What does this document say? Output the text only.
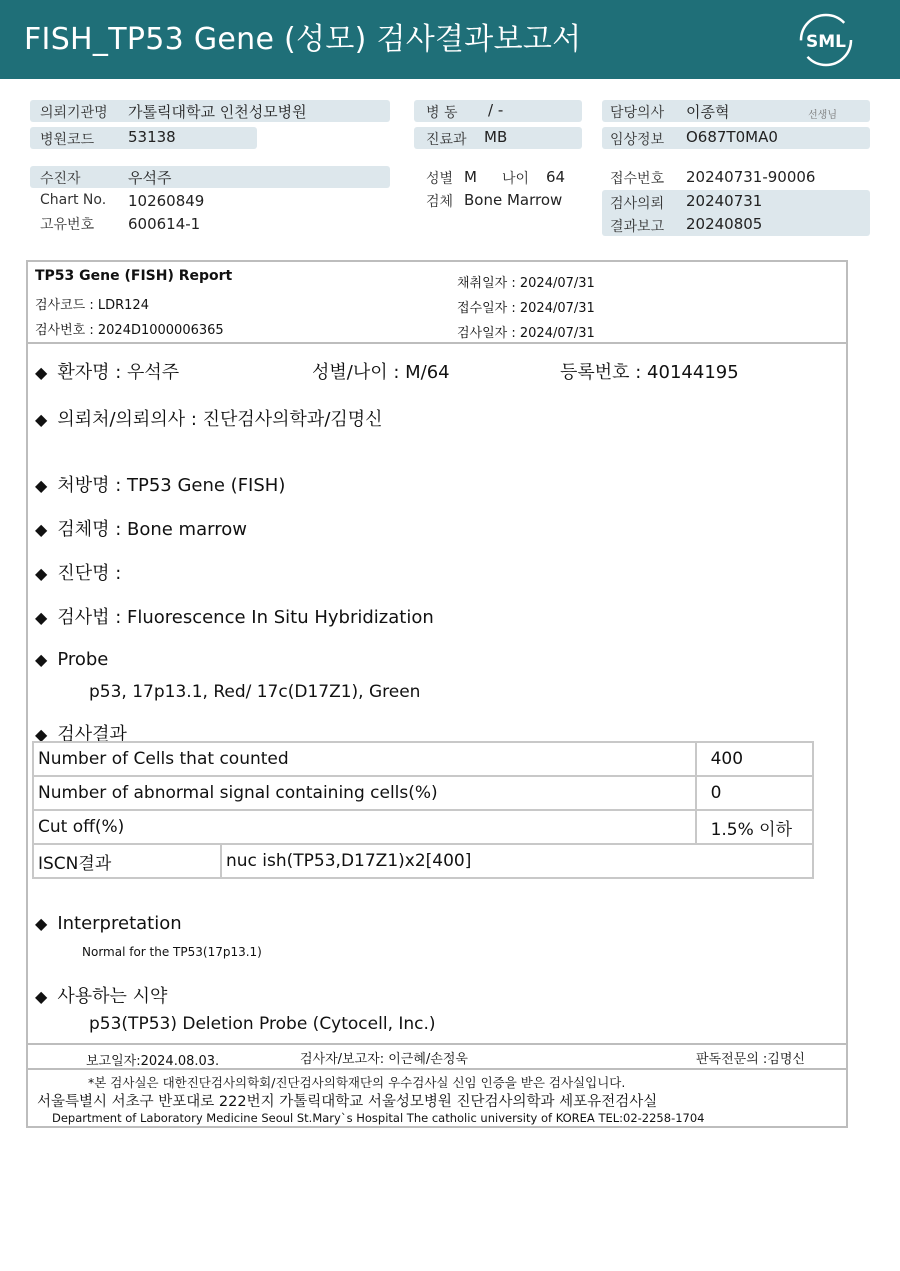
FISH_TP53 Gene (성모) 검사결과보고서	SML
의뢰기관명 가톨릭대학교 인천성모병원
병원코드 53138
병 동 / -
진료과 MB
담당의사 이종혁	선생님
임상정보 O687T0MA0
수진자	우석주
Chart No. 10260849
고유번호 600614-1
성별 M 나이 64
검체 Bone Marrow
접수번호 20240731-90006
검사의뢰 20240731
결과보고 20240805
TP53 Gene (FISH) Report
검사코드 : LDR124
검사번호 : 2024D1000006365
채취일자 : 2024/07/31
접수일자 : 2024/07/31
검사일자 : 2024/07/31
◆ 환자명 : 우석주	성별/나이 : M/64	등록번호 : 40144195
◆ 의뢰처/의뢰의사 : 진단검사의학과/김명신
◆ 처방명 : TP53 Gene (FISH)
◆ 검체명 : Bone marrow
◆ 진단명 :
◆ 검사법 : Fluorescence In Situ Hybridization
◆ Probe
p53, 17p13.1, Red/ 17c(D17Z1), Green
◆ 검사결과
Number of Cells that counted		400
Number of abnormal signal containing cells(%)		0
Cut off(%)		1.5% 이하
ISCN결과	nuc ish(TP53,D17Z1)x2[400]	
◆ Interpretation
Normal for the TP53(17p13.1)
◆ 사용하는 시약
p53(TP53) Deletion Probe (Cytocell, Inc.)
보고일자:2024.08.03.	검사자/보고자: 이근혜/손정욱	판독전문의 :김명신
*본 검사실은 대한진단검사의학회/진단검사의학재단의 우수검사실 신임 인증을 받은 검사실입니다.
서울특별시 서초구 반포대로 222번지 가톨릭대학교 서울성모병원 진단검사의학과 세포유전검사실
Department of Laboratory Medicine Seoul St.Mary`s Hospital The catholic university of KOREA TEL:02-2258-1704
